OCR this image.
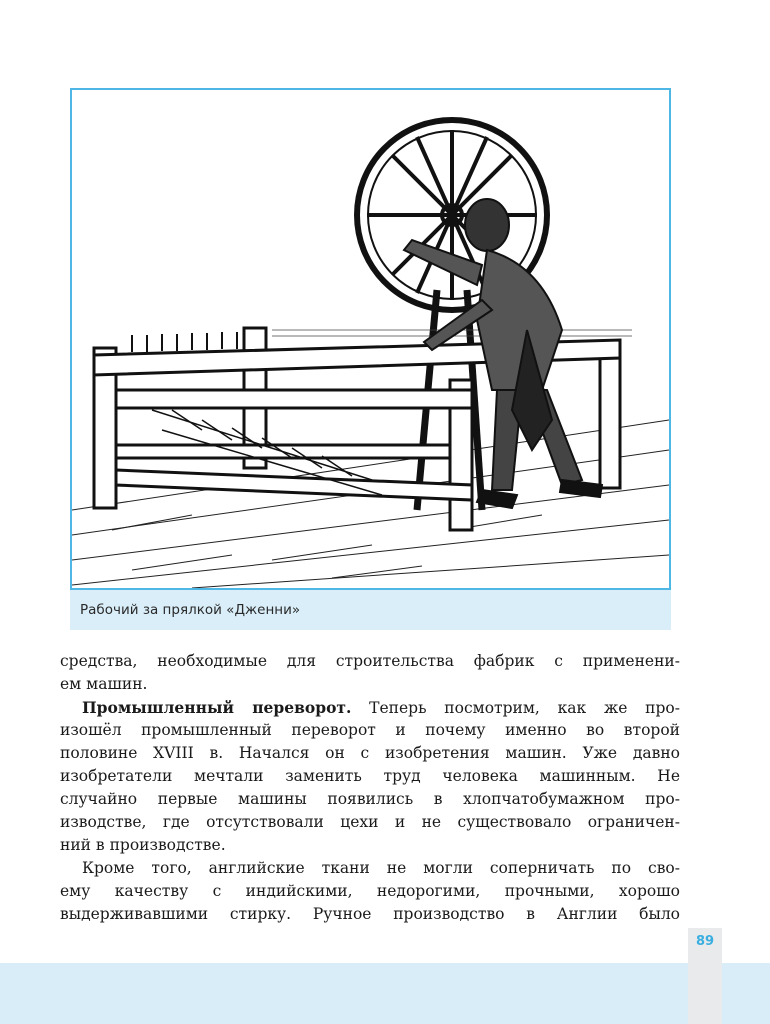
Рабочий за прялкой «Дженни»

средства, необходимые для строительства фабрик с применени-
ем машин.

Промышленный переворот. Теперь посмотрим, как же про-
изошёл промышленный переворот и почему именно во второй
половине XVIII в. Начался он с изобретения машин. Уже давно
изобретатели мечтали заменить труд человека машинным. Не
случайно первые машины появились в хлопчатобумажном про-
изводстве, где отсутствовали цехи и не существовало ограничен-
ний в производстве.

Кроме того, английские ткани не могли соперничать по сво-
ему качеству с индийскими, недорогими, прочными, хорошо
выдерживавшими стирку. Ручное производство в Англии было

89
